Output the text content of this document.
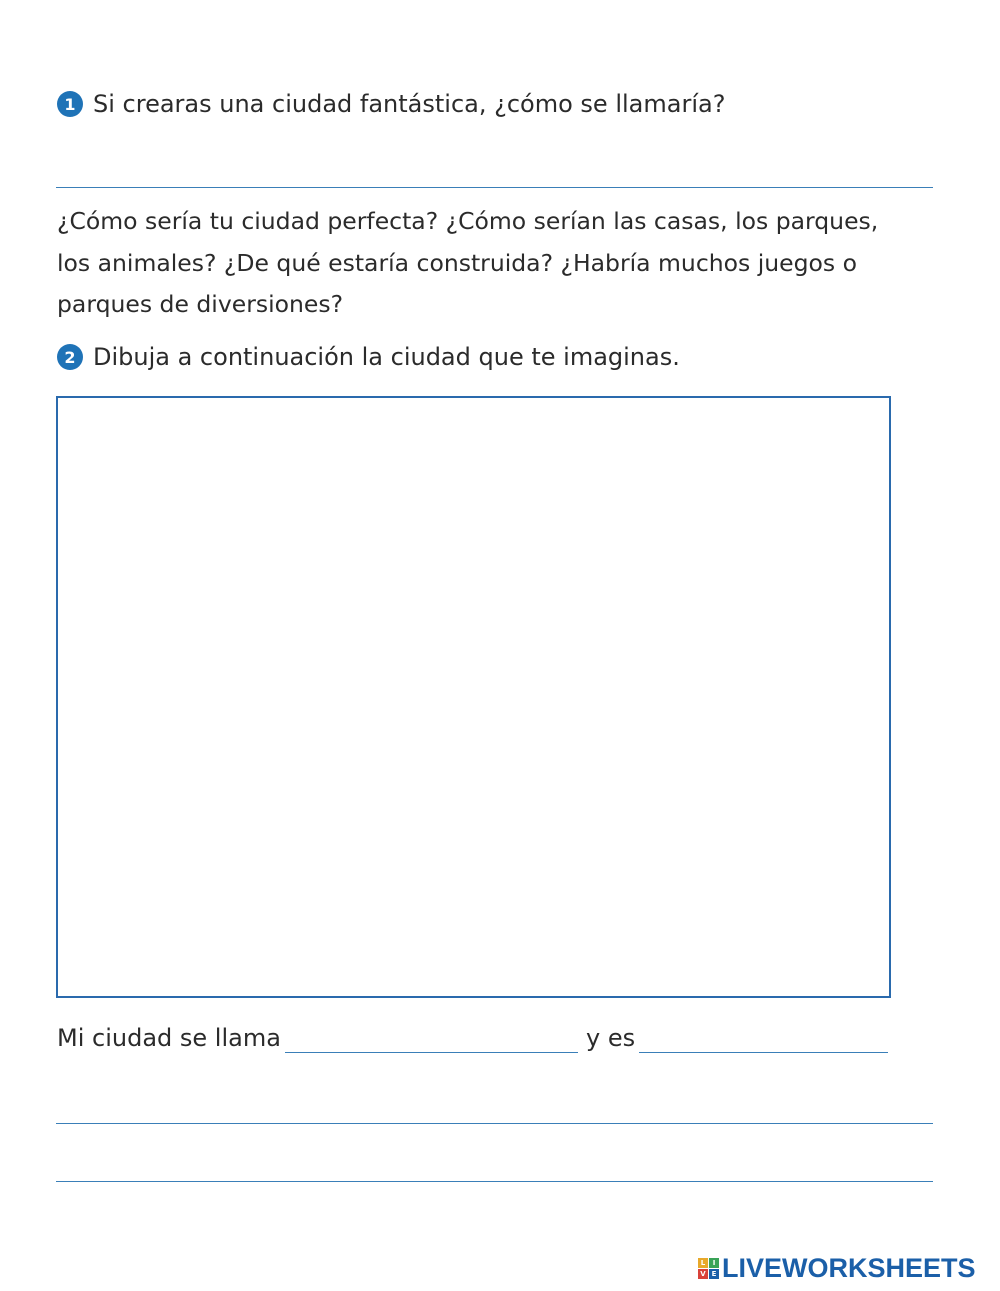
1 Si crearas una ciudad fantástica, ¿cómo se llamaría?
¿Cómo sería tu ciudad perfecta? ¿Cómo serían las casas, los parques, los animales? ¿De qué estaría construida? ¿Habría muchos juegos o parques de diversiones?
2 Dibuja a continuación la ciudad que te imaginas.
Mi ciudad se llama	y es
L	I
V E LIVEWORKSHEETS
